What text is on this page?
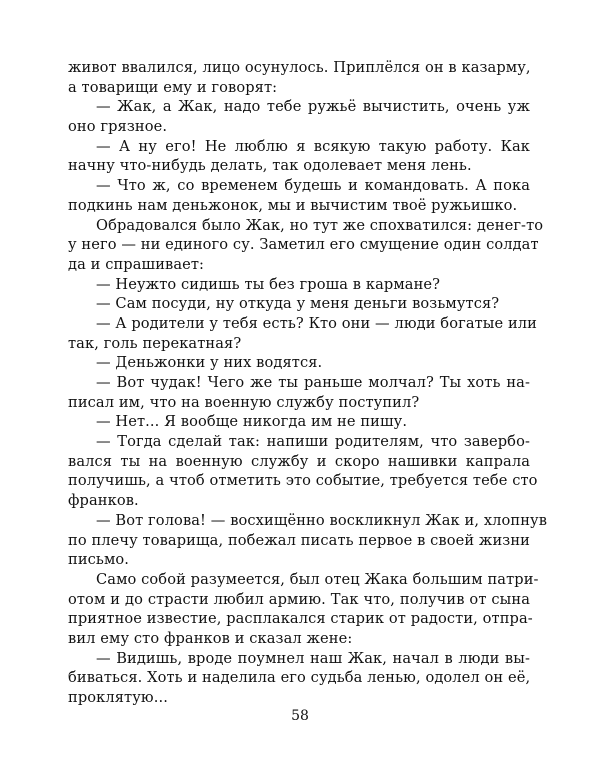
живот ввалился, лицо осунулось. Приплёлся он в казарму,
а товарищи ему и говорят:
— Жак, а Жак, надо тебе ружьё вычистить, очень уж
оно грязное.
— А ну его! Не люблю я всякую такую работу. Как
начну что-нибудь делать, так одолевает меня лень.
— Что ж, со временем будешь и командовать. А пока
подкинь нам деньжонок, мы и вычистим твоё ружьишко.
Обрадовался было Жак, но тут же спохватился: денег-то
у него — ни единого су. Заметил его смущение один солдат
да и спрашивает:
— Неужто сидишь ты без гроша в кармане?
— Сам посуди, ну откуда у меня деньги возьмутся?
— А родители у тебя есть? Кто они — люди богатые или
так, голь перекатная?
— Деньжонки у них водятся.
— Вот чудак! Чего же ты раньше молчал? Ты хоть на-
писал им, что на военную службу поступил?
— Нет... Я вообще никогда им не пишу.
— Тогда сделай так: напиши родителям, что завербо-
вался ты на военную службу и скоро нашивки капрала
получишь, а чтоб отметить это событие, требуется тебе сто
франков.
— Вот голова! — восхищённо воскликнул Жак и, хлопнув
по плечу товарища, побежал писать первое в своей жизни
письмо.
Само собой разумеется, был отец Жака большим патри-
отом и до страсти любил армию. Так что, получив от сына
приятное известие, расплакался старик от радости, отпра-
вил ему сто франков и сказал жене:
— Видишь, вроде поумнел наш Жак, начал в люди вы-
биваться. Хоть и наделила его судьба ленью, одолел он её,
проклятую...
58
